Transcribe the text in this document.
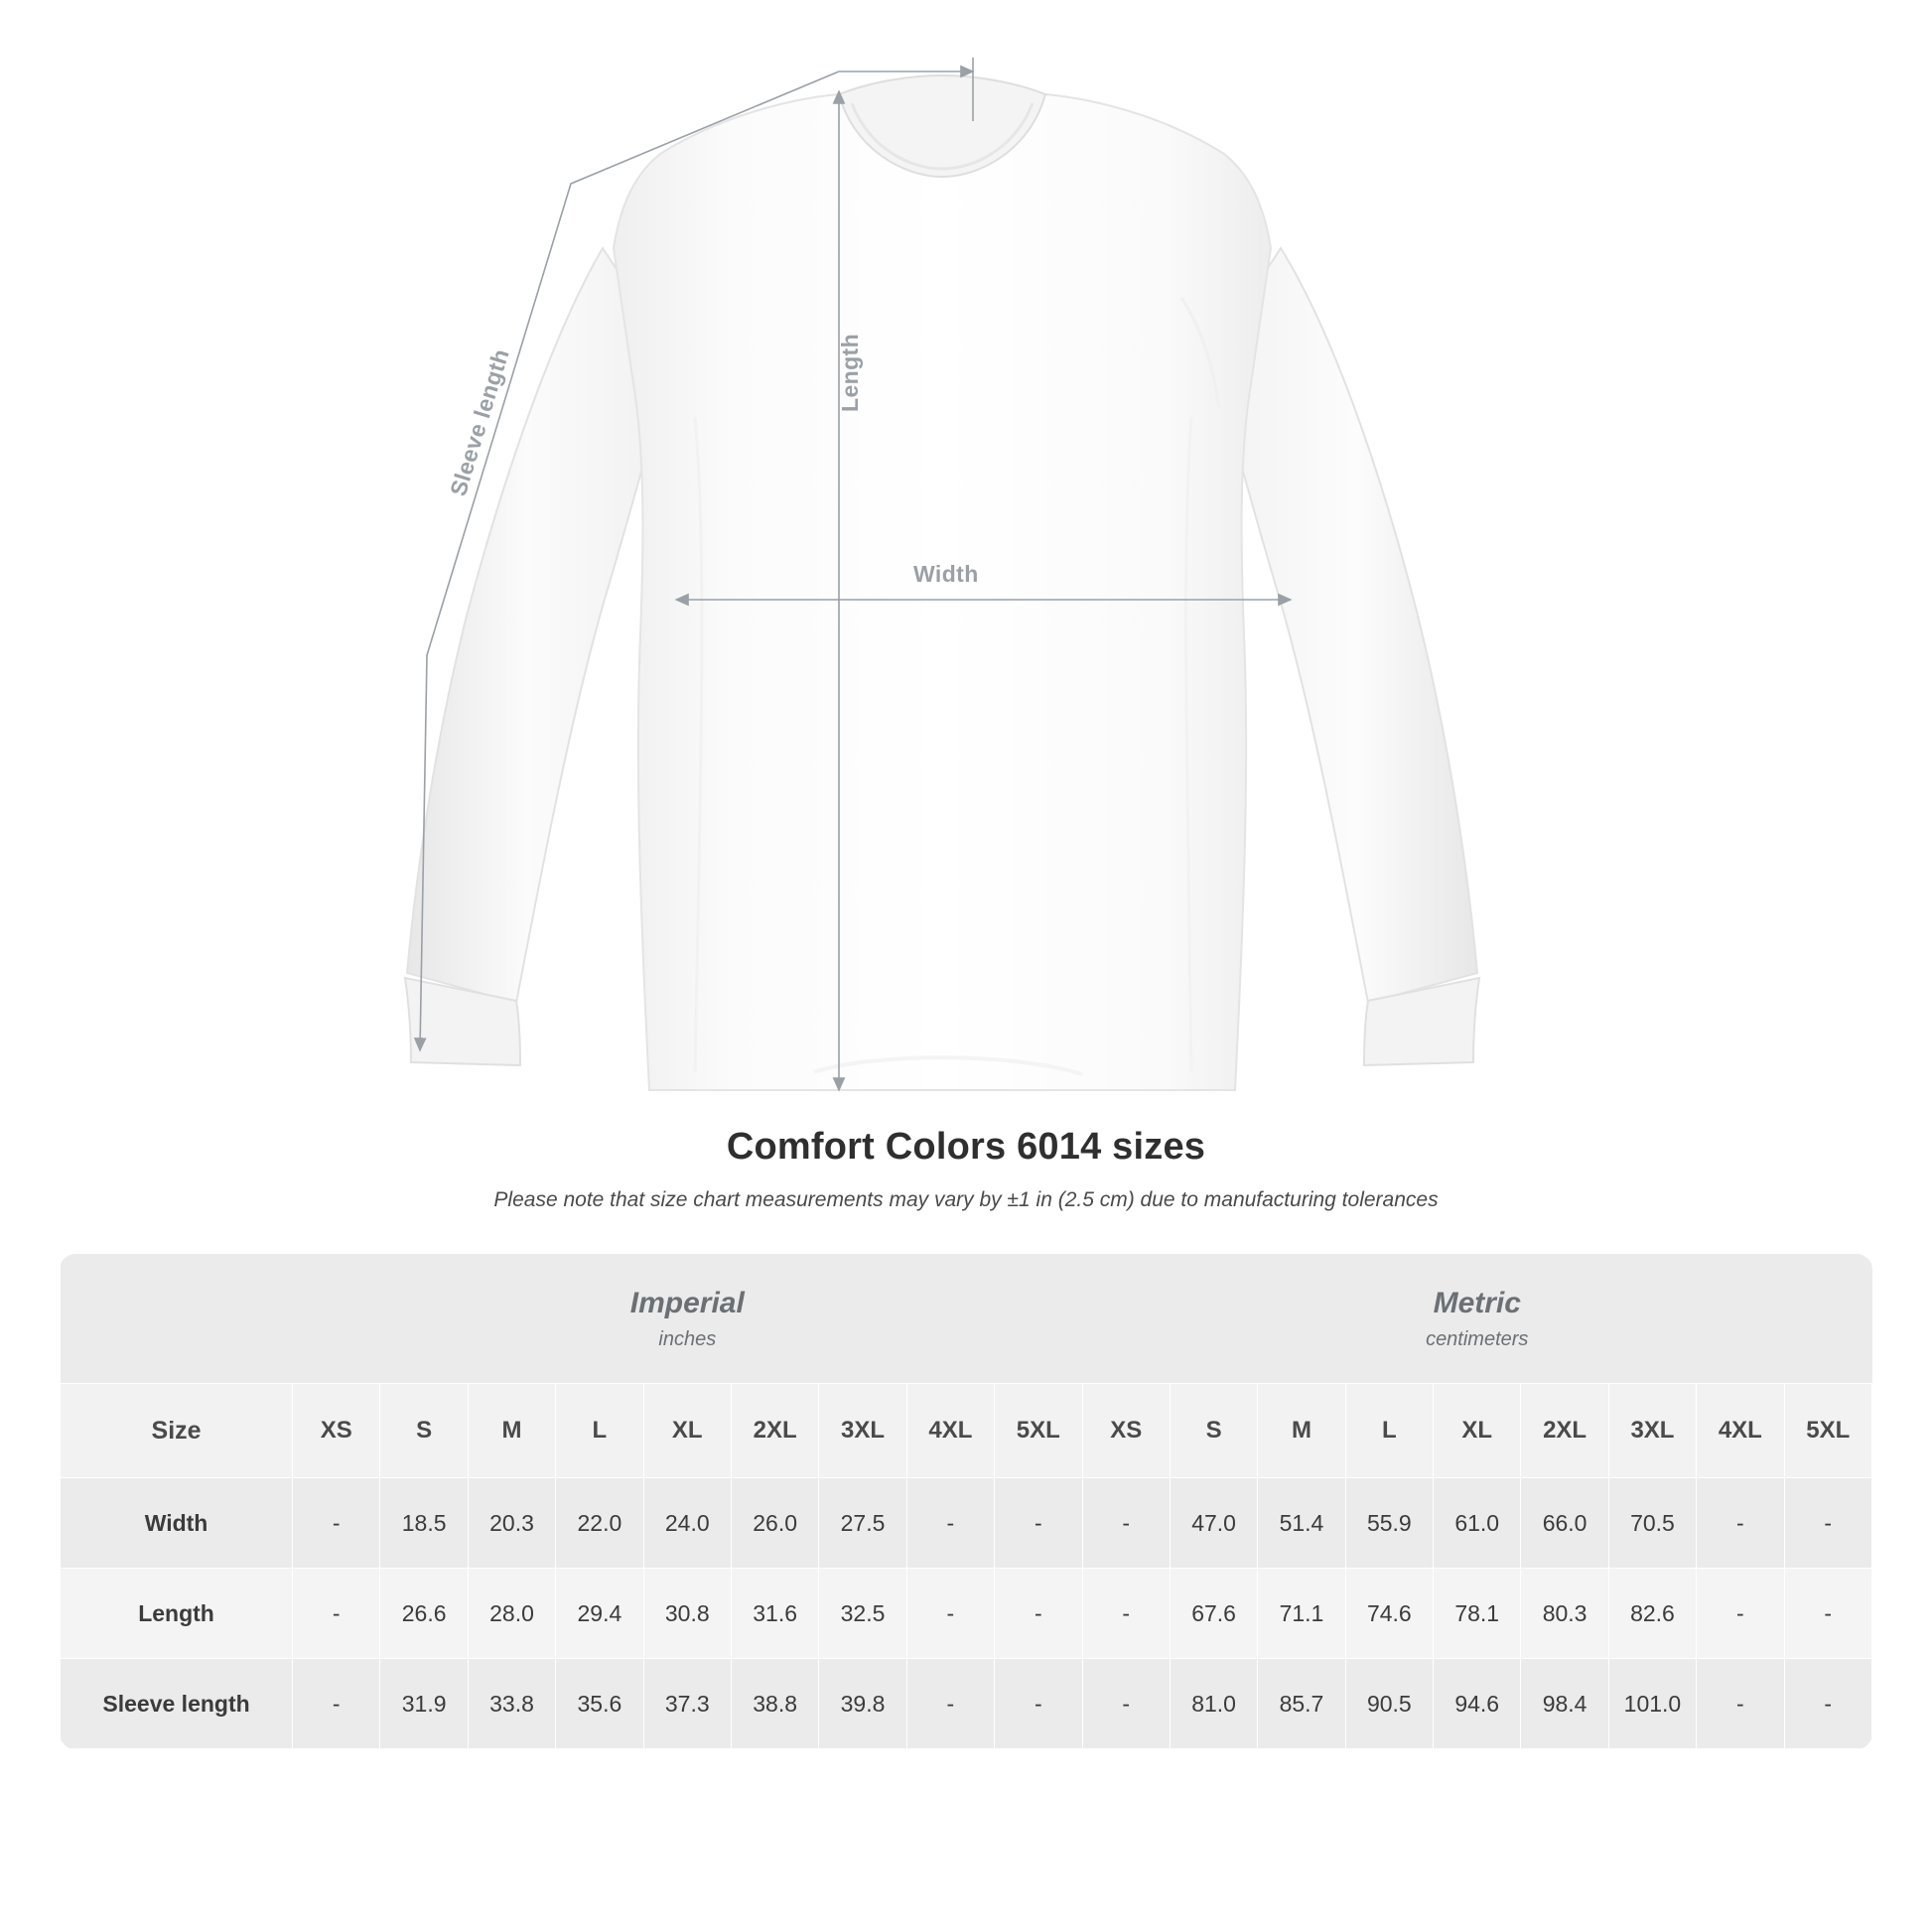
Length
Width
Sleeve length
Comfort Colors 6014 sizes
Please note that size chart measurements may vary by ±1 in (2.5 cm) due to manufacturing tolerances

Imperial
inches

Metric
centimeters

Size	XS	S	M	L	XL	2XL	3XL	4XL	5XL	XS	S	M	L	XL	2XL	3XL	4XL	5XL
Width	-	18.5	20.3	22.0	24.0	26.0	27.5	-	-	-	47.0	51.4	55.9	61.0	66.0	70.5	-	-
Length	-	26.6	28.0	29.4	30.8	31.6	32.5	-	-	-	67.6	71.1	74.6	78.1	80.3	82.6	-	-
Sleeve length	-	31.9	33.8	35.6	37.3	38.8	39.8	-	-	-	81.0	85.7	90.5	94.6	98.4	101.0	-	-
